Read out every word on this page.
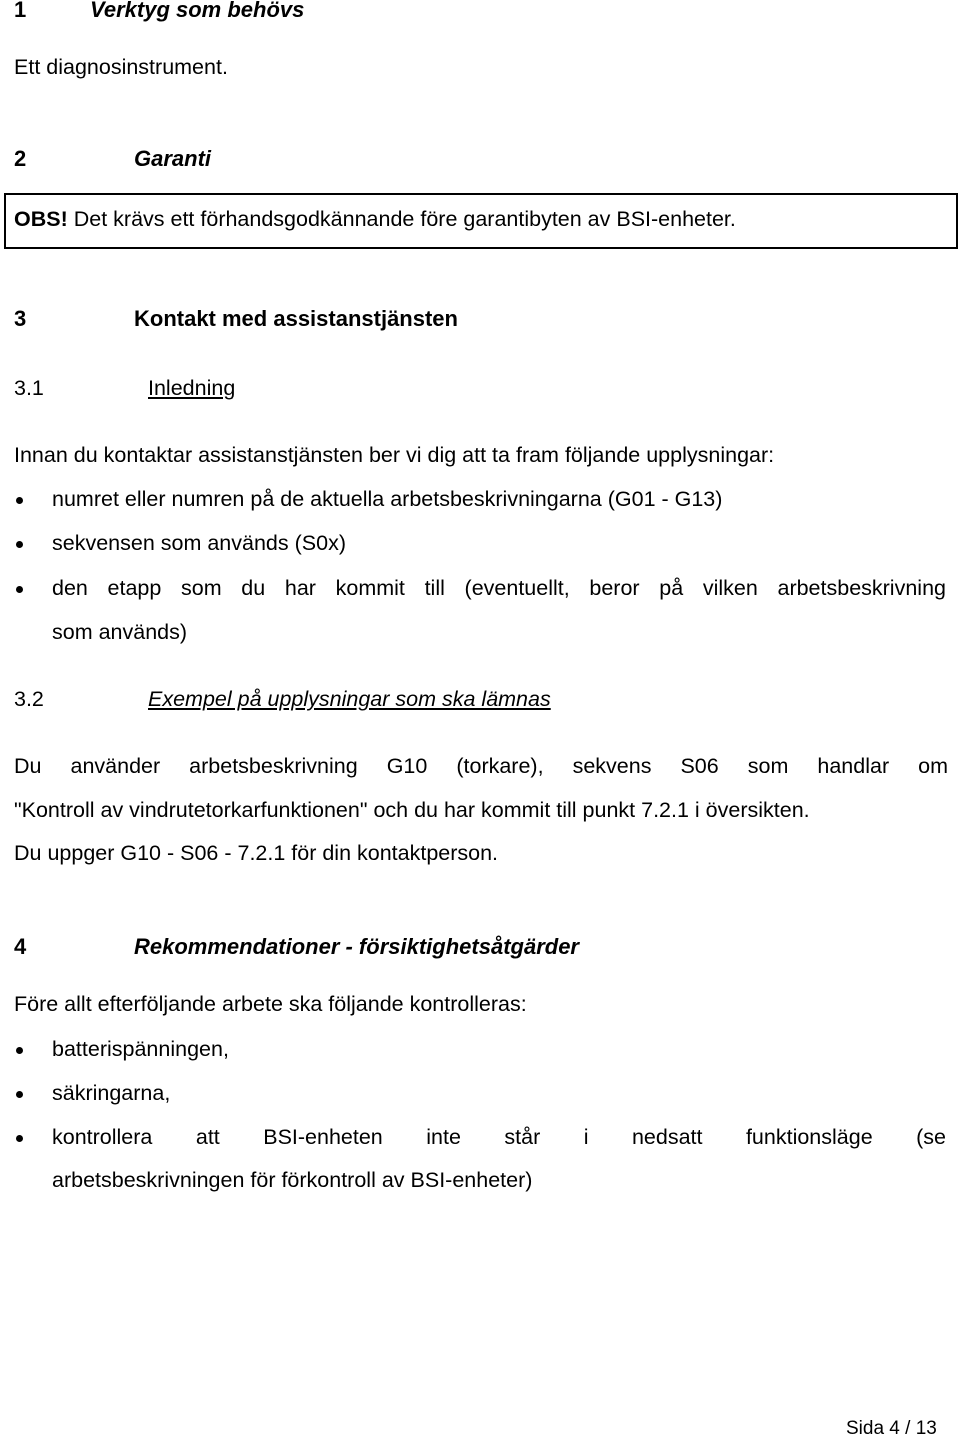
1	Verktyg som behövs
Ett diagnosinstrument.
2	Garanti
OBS! Det krävs ett förhandsgodkännande före garantibyten av BSI-enheter.
3	Kontakt med assistanstjänsten
3.1	Inledning
Innan du kontaktar assistanstjänsten ber vi dig att ta fram följande upplysningar:
numret eller numren på de aktuella arbetsbeskrivningarna (G01 - G13)
sekvensen som används (S0x)
den etapp som du har kommit till (eventuellt, beror på vilken arbetsbeskrivning
som används)
3.2	Exempel på upplysningar som ska lämnas
Du använder arbetsbeskrivning G10 (torkare), sekvens S06 som handlar om
"Kontroll av vindrutetorkarfunktionen" och du har kommit till punkt 7.2.1 i översikten.
Du uppger G10 - S06 - 7.2.1 för din kontaktperson.
4	Rekommendationer - försiktighetsåtgärder
Före allt efterföljande arbete ska följande kontrolleras:
batterispänningen,
säkringarna,
kontrollera att BSI-enheten inte står i nedsatt funktionsläge (se
arbetsbeskrivningen för förkontroll av BSI-enheter)
Sida 4 / 13
